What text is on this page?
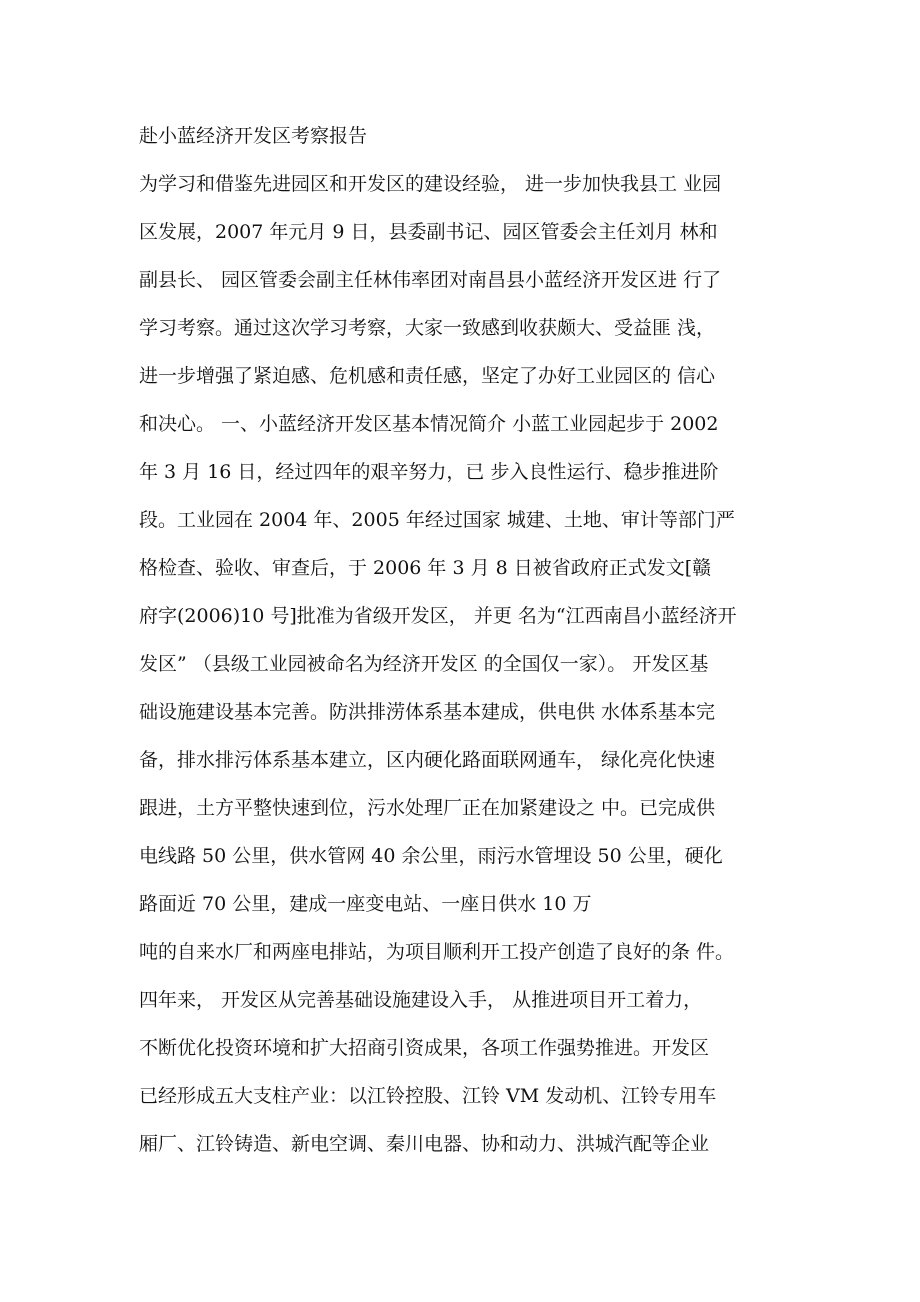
赴小蓝经济开发区考察报告
为学习和借鉴先进园区和开发区的建设经验， 进一步加快我县工 业园
区发展，2007 年元月 9 日，县委副书记、园区管委会主任刘月 林和
副县长、 园区管委会副主任林伟率团对南昌县小蓝经济开发区进 行了
学习考察。通过这次学习考察，大家一致感到收获颇大、受益匪 浅，
进一步增强了紧迫感、危机感和责任感，坚定了办好工业园区的 信心
和决心。 一、小蓝经济开发区基本情况简介 小蓝工业园起步于 2002
年 3 月 16 日，经过四年的艰辛努力，已 步入良性运行、稳步推进阶
段。工业园在 2004 年、2005 年经过国家 城建、土地、审计等部门严
格检查、验收、审查后，于 2006 年 3 月 8 日被省政府正式发文[赣
府字(2006)10 号]批准为省级开发区， 并更 名为“江西南昌小蓝经济开
发区” （县级工业园被命名为经济开发区 的全国仅一家）。 开发区基
础设施建设基本完善。防洪排涝体系基本建成，供电供 水体系基本完
备，排水排污体系基本建立，区内硬化路面联网通车， 绿化亮化快速
跟进，土方平整快速到位，污水处理厂正在加紧建设之 中。已完成供
电线路 50 公里，供水管网 40 余公里，雨污水管埋设 50 公里，硬化
路面近 70 公里，建成一座变电站、一座日供水 10 万
吨的自来水厂和两座电排站，为项目顺利开工投产创造了良好的条 件。
四年来， 开发区从完善基础设施建设入手， 从推进项目开工着力，
不断优化投资环境和扩大招商引资成果，各项工作强势推进。开发区
已经形成五大支柱产业：以江铃控股、江铃 VM 发动机、江铃专用车
厢厂、江铃铸造、新电空调、秦川电器、协和动力、洪城汽配等企业
